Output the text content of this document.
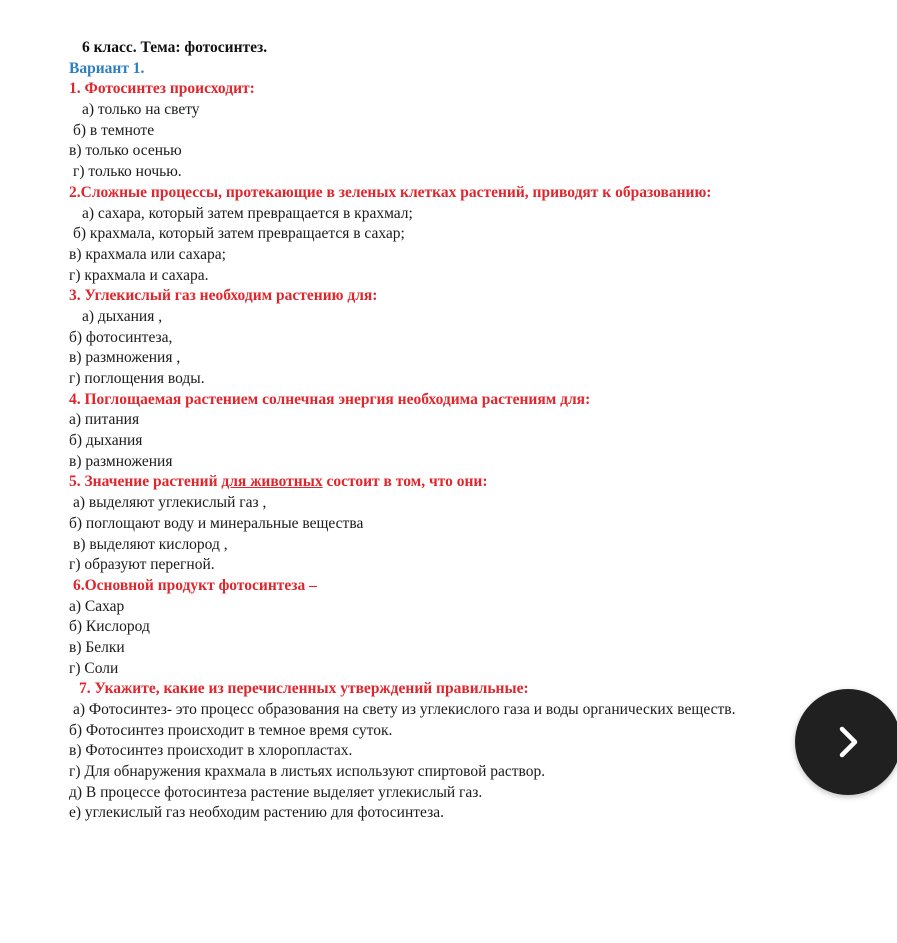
6 класс. Тема: фотосинтез.
Вариант 1.
1. Фотосинтез происходит:
а) только на свету
б) в темноте
в) только осенью
г) только ночью.
2.Сложные процессы, протекающие в зеленых клетках растений, приводят к образованию:
а) сахара, который затем превращается в крахмал;
б) крахмала, который затем превращается в сахар;
в) крахмала или сахара;
г) крахмала и сахара.
3. Углекислый газ необходим растению для:
а) дыхания ,
б) фотосинтеза,
в) размножения ,
г) поглощения воды.
4. Поглощаемая растением солнечная энергия необходима растениям для:
а) питания
б) дыхания
в) размножения
5. Значение растений для животных состоит в том, что они:
а) выделяют углекислый газ ,
б) поглощают воду и минеральные вещества
в) выделяют кислород ,
г) образуют перегной.
6.Основной продукт фотосинтеза –
а) Сахар
б) Кислород
в) Белки
г) Соли
7. Укажите, какие из перечисленных утверждений правильные:
а) Фотосинтез- это процесс образования на свету из углекислого газа и воды органических веществ.
б) Фотосинтез происходит в темное время суток.
в) Фотосинтез происходит в хлоропластах.
г) Для обнаружения крахмала в листьях используют спиртовой раствор.
д) В процессе фотосинтеза растение выделяет углекислый газ.
е) углекислый газ необходим растению для фотосинтеза.
